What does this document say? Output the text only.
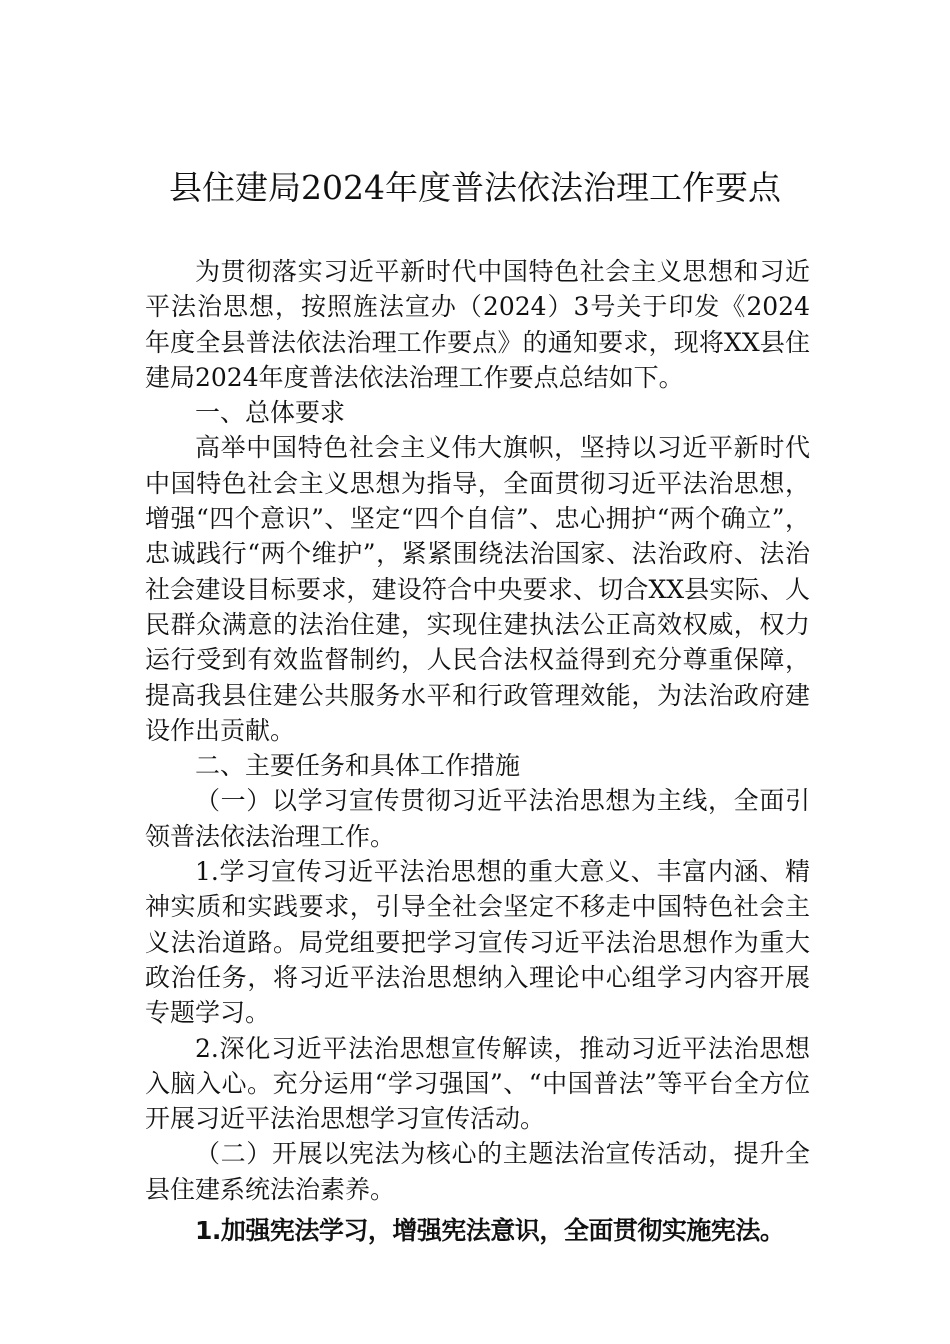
县住建局2024年度普法依法治理工作要点

为贯彻落实习近平新时代中国特色社会主义思想和习近平法治思想，按照旌法宣办（2024）3号关于印发《2024年度全县普法依法治理工作要点》的通知要求，现将XX县住建局2024年度普法依法治理工作要点总结如下。

一、总体要求

高举中国特色社会主义伟大旗帜，坚持以习近平新时代中国特色社会主义思想为指导，全面贯彻习近平法治思想，增强“四个意识”、坚定“四个自信”、忠心拥护“两个确立”，忠诚践行“两个维护”，紧紧围绕法治国家、法治政府、法治社会建设目标要求，建设符合中央要求、切合XX县实际、人民群众满意的法治住建，实现住建执法公正高效权威，权力运行受到有效监督制约，人民合法权益得到充分尊重保障，提高我县住建公共服务水平和行政管理效能，为法治政府建设作出贡献。

二、主要任务和具体工作措施

（一）以学习宣传贯彻习近平法治思想为主线，全面引领普法依法治理工作。

1.学习宣传习近平法治思想的重大意义、丰富内涵、精神实质和实践要求，引导全社会坚定不移走中国特色社会主义法治道路。局党组要把学习宣传习近平法治思想作为重大政治任务，将习近平法治思想纳入理论中心组学习内容开展专题学习。

2.深化习近平法治思想宣传解读，推动习近平法治思想入脑入心。充分运用“学习强国”、“中国普法”等平台全方位开展习近平法治思想学习宣传活动。

（二）开展以宪法为核心的主题法治宣传活动，提升全县住建系统法治素养。

1.加强宪法学习，增强宪法意识，全面贯彻实施宪法。
